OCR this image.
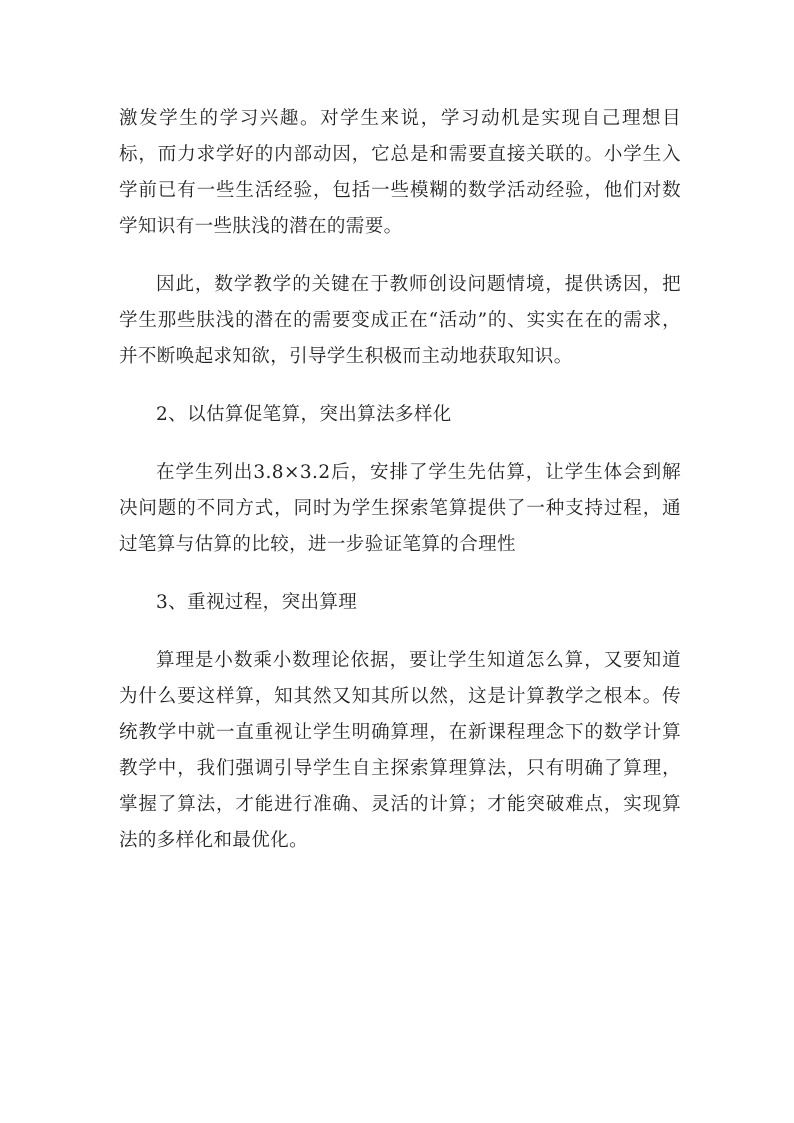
激发学生的学习兴趣。对学生来说，学习动机是实现自己理想目标，而力求学好的内部动因，它总是和需要直接关联的。小学生入学前已有一些生活经验，包括一些模糊的数学活动经验，他们对数学知识有一些肤浅的潜在的需要。

因此，数学教学的关键在于教师创设问题情境，提供诱因，把学生那些肤浅的潜在的需要变成正在“活动”的、实实在在的需求，并不断唤起求知欲，引导学生积极而主动地获取知识。

2、以估算促笔算，突出算法多样化

在学生列出3.8×3.2后，安排了学生先估算，让学生体会到解决问题的不同方式，同时为学生探索笔算提供了一种支持过程，通过笔算与估算的比较，进一步验证笔算的合理性

3、重视过程，突出算理

算理是小数乘小数理论依据，要让学生知道怎么算，又要知道为什么要这样算，知其然又知其所以然，这是计算教学之根本。传统教学中就一直重视让学生明确算理，在新课程理念下的数学计算教学中，我们强调引导学生自主探索算理算法，只有明确了算理，掌握了算法，才能进行准确、灵活的计算；才能突破难点，实现算法的多样化和最优化。
